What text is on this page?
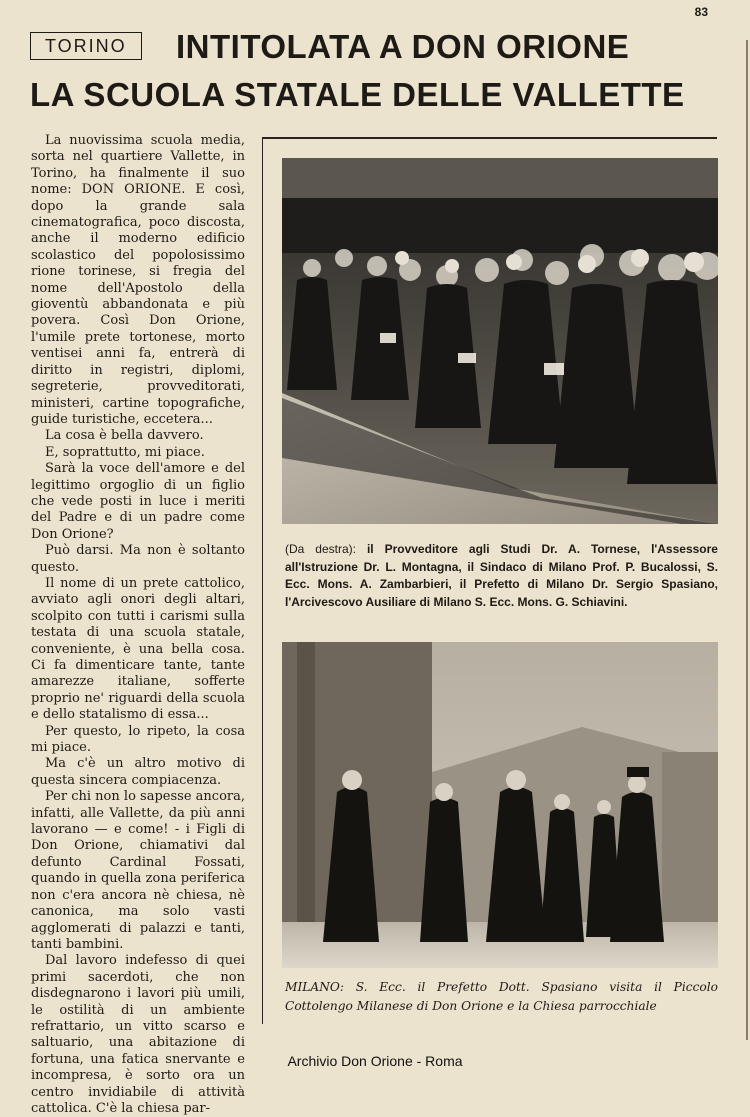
83
TORINO	INTITOLATA A DON ORIONE
LA SCUOLA STATALE DELLE VALLETTE

La nuovissima scuola media, sorta nel quartiere Vallette, in Torino, ha finalmente il suo nome: DON ORIONE. E così, dopo la grande sala cinematografica, poco discosta, anche il moderno edificio scolastico del popolosissimo rione torinese, si fregia del nome dell'Apostolo della gioventù abbandonata e più povera. Così Don Orione, l'umile prete tortonese, morto ventisei anni fa, entrerà di diritto in registri, diplomi, segreterie, provveditorati, ministeri, cartine topografiche, guide turistiche, eccetera...

La cosa è bella davvero.

E, soprattutto, mi piace.

Sarà la voce dell'amore e del legittimo orgoglio di un figlio che vede posti in luce i meriti del Padre e di un padre come Don Orione?

Può darsi. Ma non è soltanto questo.

Il nome di un prete cattolico, avviato agli onori degli altari, scolpito con tutti i carismi sulla testata di una scuola statale, conveniente, è una bella cosa. Ci fa dimenticare tante, tante amarezze italiane, sofferte proprio ne' riguardi della scuola e dello statalismo di essa...

Per questo, lo ripeto, la cosa mi piace.

Ma c'è un altro motivo di questa sincera compiacenza.

Per chi non lo sapesse ancora, infatti, alle Vallette, da più anni lavorano — e come! - i Figli di Don Orione, chiamativi dal defunto Cardinal Fossati, quando in quella zona periferica non c'era ancora nè chiesa, nè canonica, ma solo vasti agglomerati di palazzi e tanti, tanti bambini.

Dal lavoro indefesso di quei primi sacerdoti, che non disdegnarono i lavori più umili, le ostilità di un ambiente refrattario, un vitto scarso e saltuario, una abitazione di fortuna, una fatica snervante e incompresa, è sorto ora un centro invidiabile di attività cattolica. C'è la chiesa par-

(Da destra): il Provveditore agli Studi Dr. A. Tornese, l'Assessore all'Istruzione Dr. L. Montagna, il Sindaco di Milano Prof. P. Bucalossi, S. Ecc. Mons. A. Zambarbieri, il Prefetto di Milano Dr. Sergio Spasiano, l'Arcivescovo Ausiliare di Milano S. Ecc. Mons. G. Schiavini.

MILANO: S. Ecc. il Prefetto Dott. Spasiano visita il Piccolo Cottolengo Milanese di Don Orione e la Chiesa parrocchiale

Archivio Don Orione - Roma
